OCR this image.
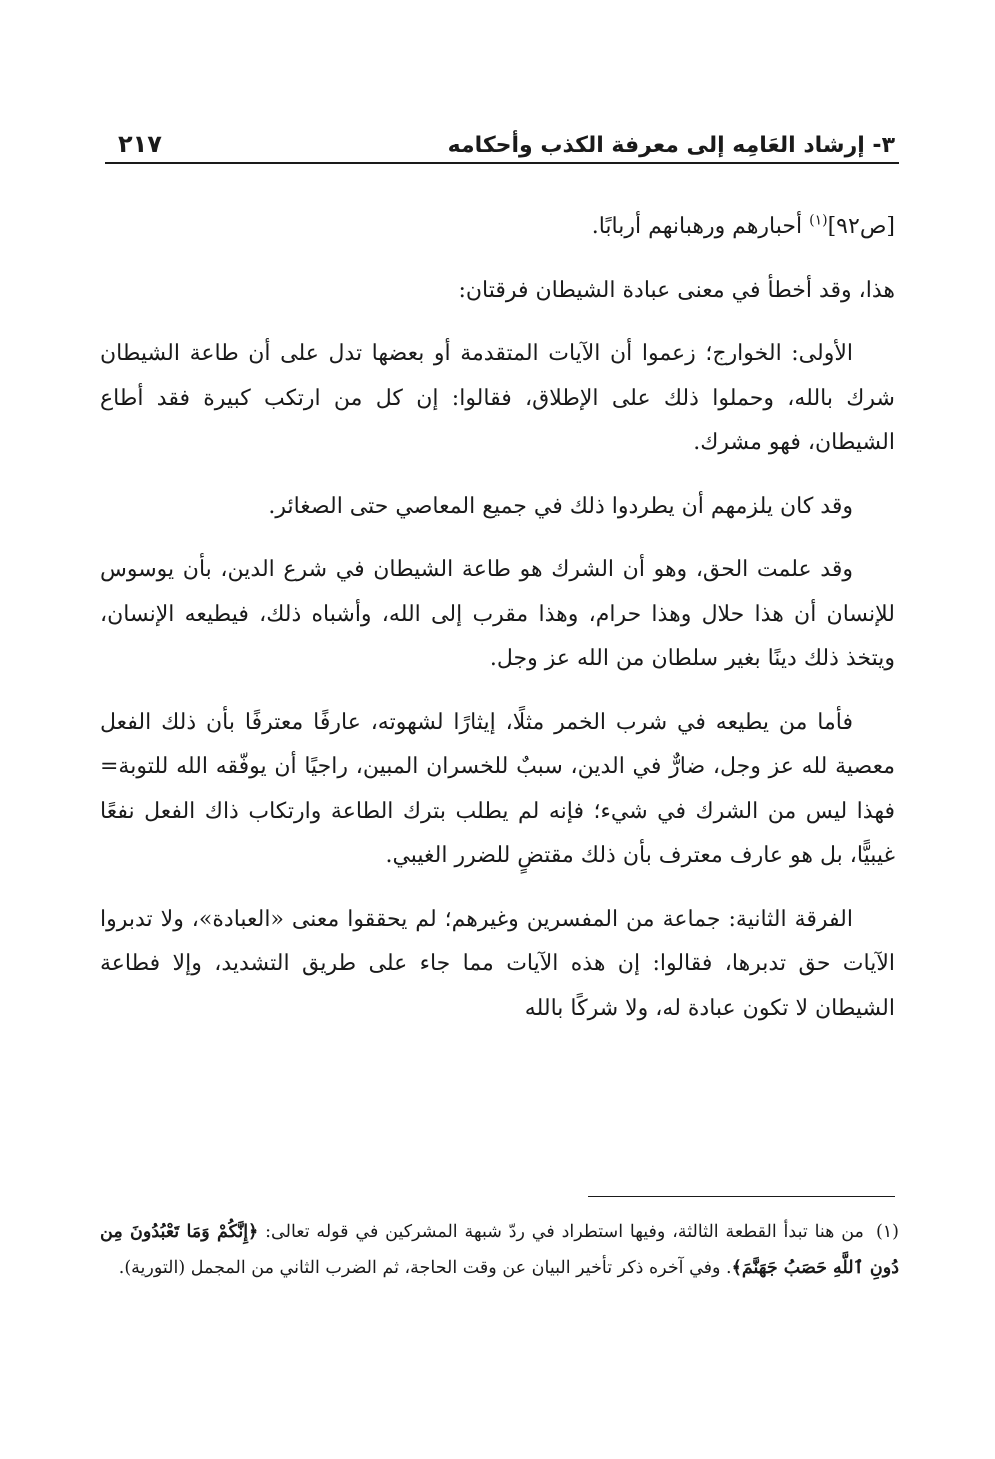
٣- إرشاد العَامِه إلى معرفة الكذب وأحكامه
٢١٧

[ص٩٢]$^{(١)}$ أحبارهم ورهبانهم أربابًا.

هذا، وقد أخطأ في معنى عبادة الشيطان فرقتان:

الأولى: الخوارج؛ زعموا أن الآيات المتقدمة أو بعضها تدل على أن طاعة الشيطان شرك بالله، وحملوا ذلك على الإطلاق، فقالوا: إن كل من ارتكب كبيرة فقد أطاع الشيطان، فهو مشرك.

وقد كان يلزمهم أن يطردوا ذلك في جميع المعاصي حتى الصغائر.

وقد علمت الحق، وهو أن الشرك هو طاعة الشيطان في شرع الدين، بأن يوسوس للإنسان أن هذا حلال وهذا حرام، وهذا مقرب إلى الله، وأشباه ذلك، فيطيعه الإنسان، ويتخذ ذلك دينًا بغير سلطان من الله عز وجل.

فأما من يطيعه في شرب الخمر مثلًا، إيثارًا لشهوته، عارفًا معترفًا بأن ذلك الفعل معصية لله عز وجل، ضارٌّ في الدين، سببٌ للخسران المبين، راجيًا أن يوفّقه الله للتوبة= فهذا ليس من الشرك في شيء؛ فإنه لم يطلب بترك الطاعة وارتكاب ذاك الفعل نفعًا غيبيًّا، بل هو عارف معترف بأن ذلك مقتضٍ للضرر الغيبي.

الفرقة الثانية: جماعة من المفسرين وغيرهم؛ لم يحققوا معنى «العبادة»، ولا تدبروا الآيات حق تدبرها، فقالوا: إن هذه الآيات مما جاء على طريق التشديد، وإلا فطاعة الشيطان لا تكون عبادة له، ولا شركًا بالله

(١)من هنا تبدأ القطعة الثالثة، وفيها استطراد في ردّ شبهة المشركين في قوله تعالى: ﴿إِنَّكُمْ وَمَا تَعْبُدُونَ مِن دُونِ ٱللَّهِ حَصَبُ جَهَنَّمَ﴾. وفي آخره ذكر تأخير البيان عن وقت الحاجة، ثم الضرب الثاني من المجمل (التورية).
